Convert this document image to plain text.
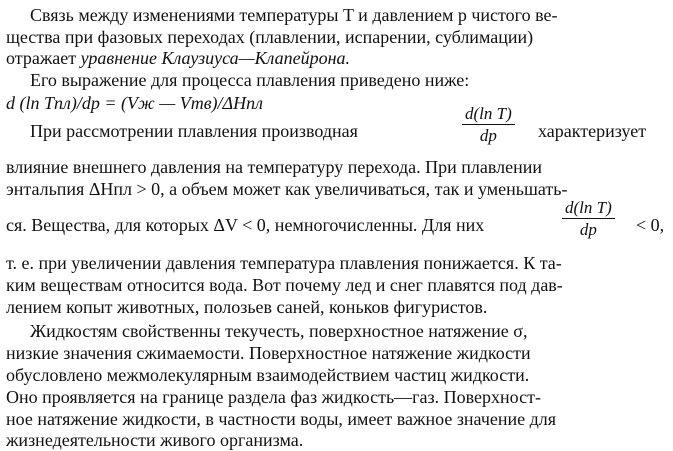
Связь между изменениями температуры T и давлением p чистого ве-
щества при фазовых переходах (плавлении, испарении, сублимации)
отражает уравнение Клаузиуса—Клапейрона.
Его выражение для процесса плавления приведено ниже:
d (ln Tпл)/dp = (Vж — Vтв)/ΔHпл
При рассмотрении плавления производная	$\frac{\text{d(ln T)}}{dp}$ характеризует
влияние внешнего давления на температуру перехода. При плавлении
энтальпия ΔHпл > 0, а объем может как увеличиваться, так и уменьшать-
ся. Вещества, для которых ΔV < 0, немногочисленны. Для них	$\frac{\text{d(ln T)}}{dp} < 0$,
т. е. при увеличении давления температура плавления понижается. К та-
ким веществам относится вода. Вот почему лед и снег плавятся под дав-
лением копыт животных, полозьев саней, коньков фигуристов.
Жидкостям свойственны текучесть, поверхностное натяжение σ,
низкие значения сжимаемости. Поверхностное натяжение жидкости
обусловлено межмолекулярным взаимодействием частиц жидкости.
Оно проявляется на границе раздела фаз жидкость—газ. Поверхност-
ное натяжение жидкости, в частности воды, имеет важное значение для
жизнедеятельности живого организма.
